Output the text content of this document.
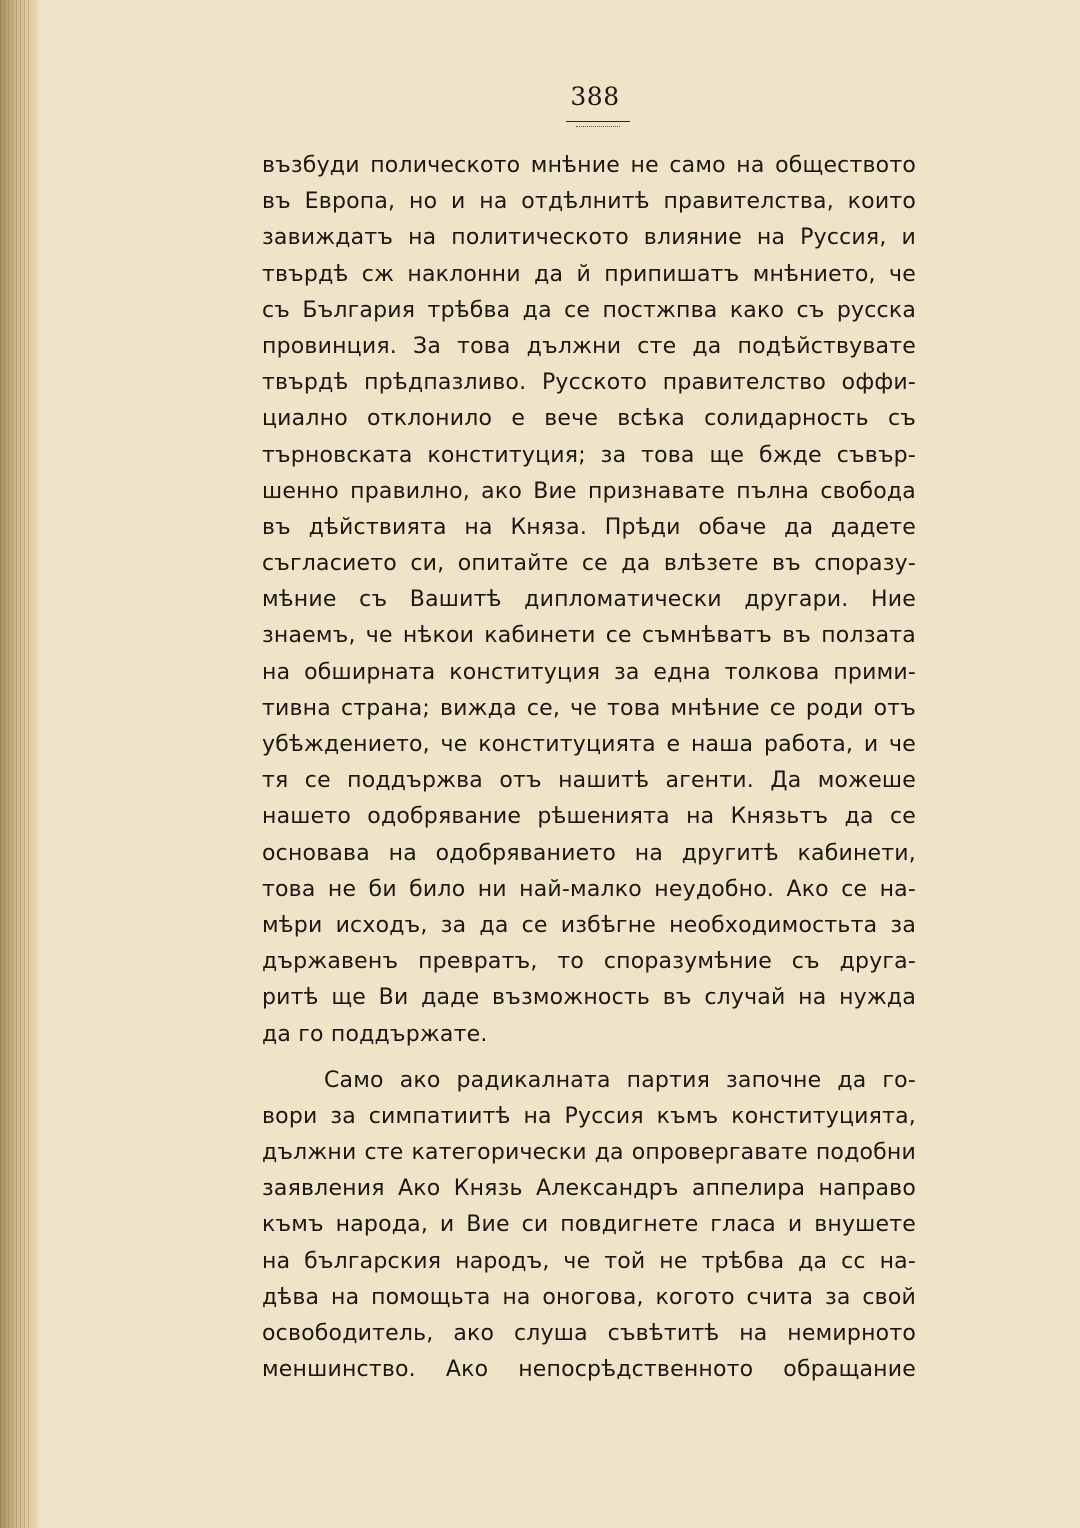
388
възбуди полическото мнѣние не само на обществото
въ Европа, но и на отдѣлнитѣ правителства, които
завиждатъ на политическото влияние на Руссия, и
твърдѣ сж наклонни да й припишатъ мнѣнието, че
съ България трѣбва да се постжпва како съ русска
провинция. За това дължни сте да подѣйствувате
твърдѣ прѣдпазливо. Русското правителство оффи-
циално отклонило е вече всѣка солидарность съ
търновската конституция; за това ще бжде съвър-
шенно правилно, ако Вие признавате пълна свобода
въ дѣйствията на Княза. Прѣди обаче да дадете
съгласието си, опитайте се да влѣзете въ споразу-
мѣние съ Вашитѣ дипломатически другари. Ние
знаемъ, че нѣкои кабинети се съмнѣватъ въ ползата
на обширната конституция за една толкова прими-
тивна страна; вижда се, че това мнѣние се роди отъ
убѣждението, че конституцията е наша работа, и че
тя се поддържва отъ нашитѣ агенти. Да можеше
нашето одобрявание рѣшенията на Князьтъ да се
основава на одобряванието на другитѣ кабинети,
това не би било ни най-малко неудобно. Ако се на-
мѣри исходъ, за да се избѣгне необходимостьта за
държавенъ превратъ, то споразумѣние съ друга-
ритѣ ще Ви даде възможность въ случай на нужда
да го поддържате.
Само ако радикалната партия започне да го-
вори за симпатиитѣ на Руссия къмъ конституцията,
дължни сте категорически да опровергавате подобни
заявления Ако Князь Александръ аппелира направо
къмъ народа, и Вие си повдигнете гласа и внушете
на българския народъ, че той не трѣбва да сс на-
дѣва на помощьта на оногова, когото счита за свой
освободитель, ако слуша съвѣтитѣ на немирното
меншинство. Ако непосрѣдственното обращание
